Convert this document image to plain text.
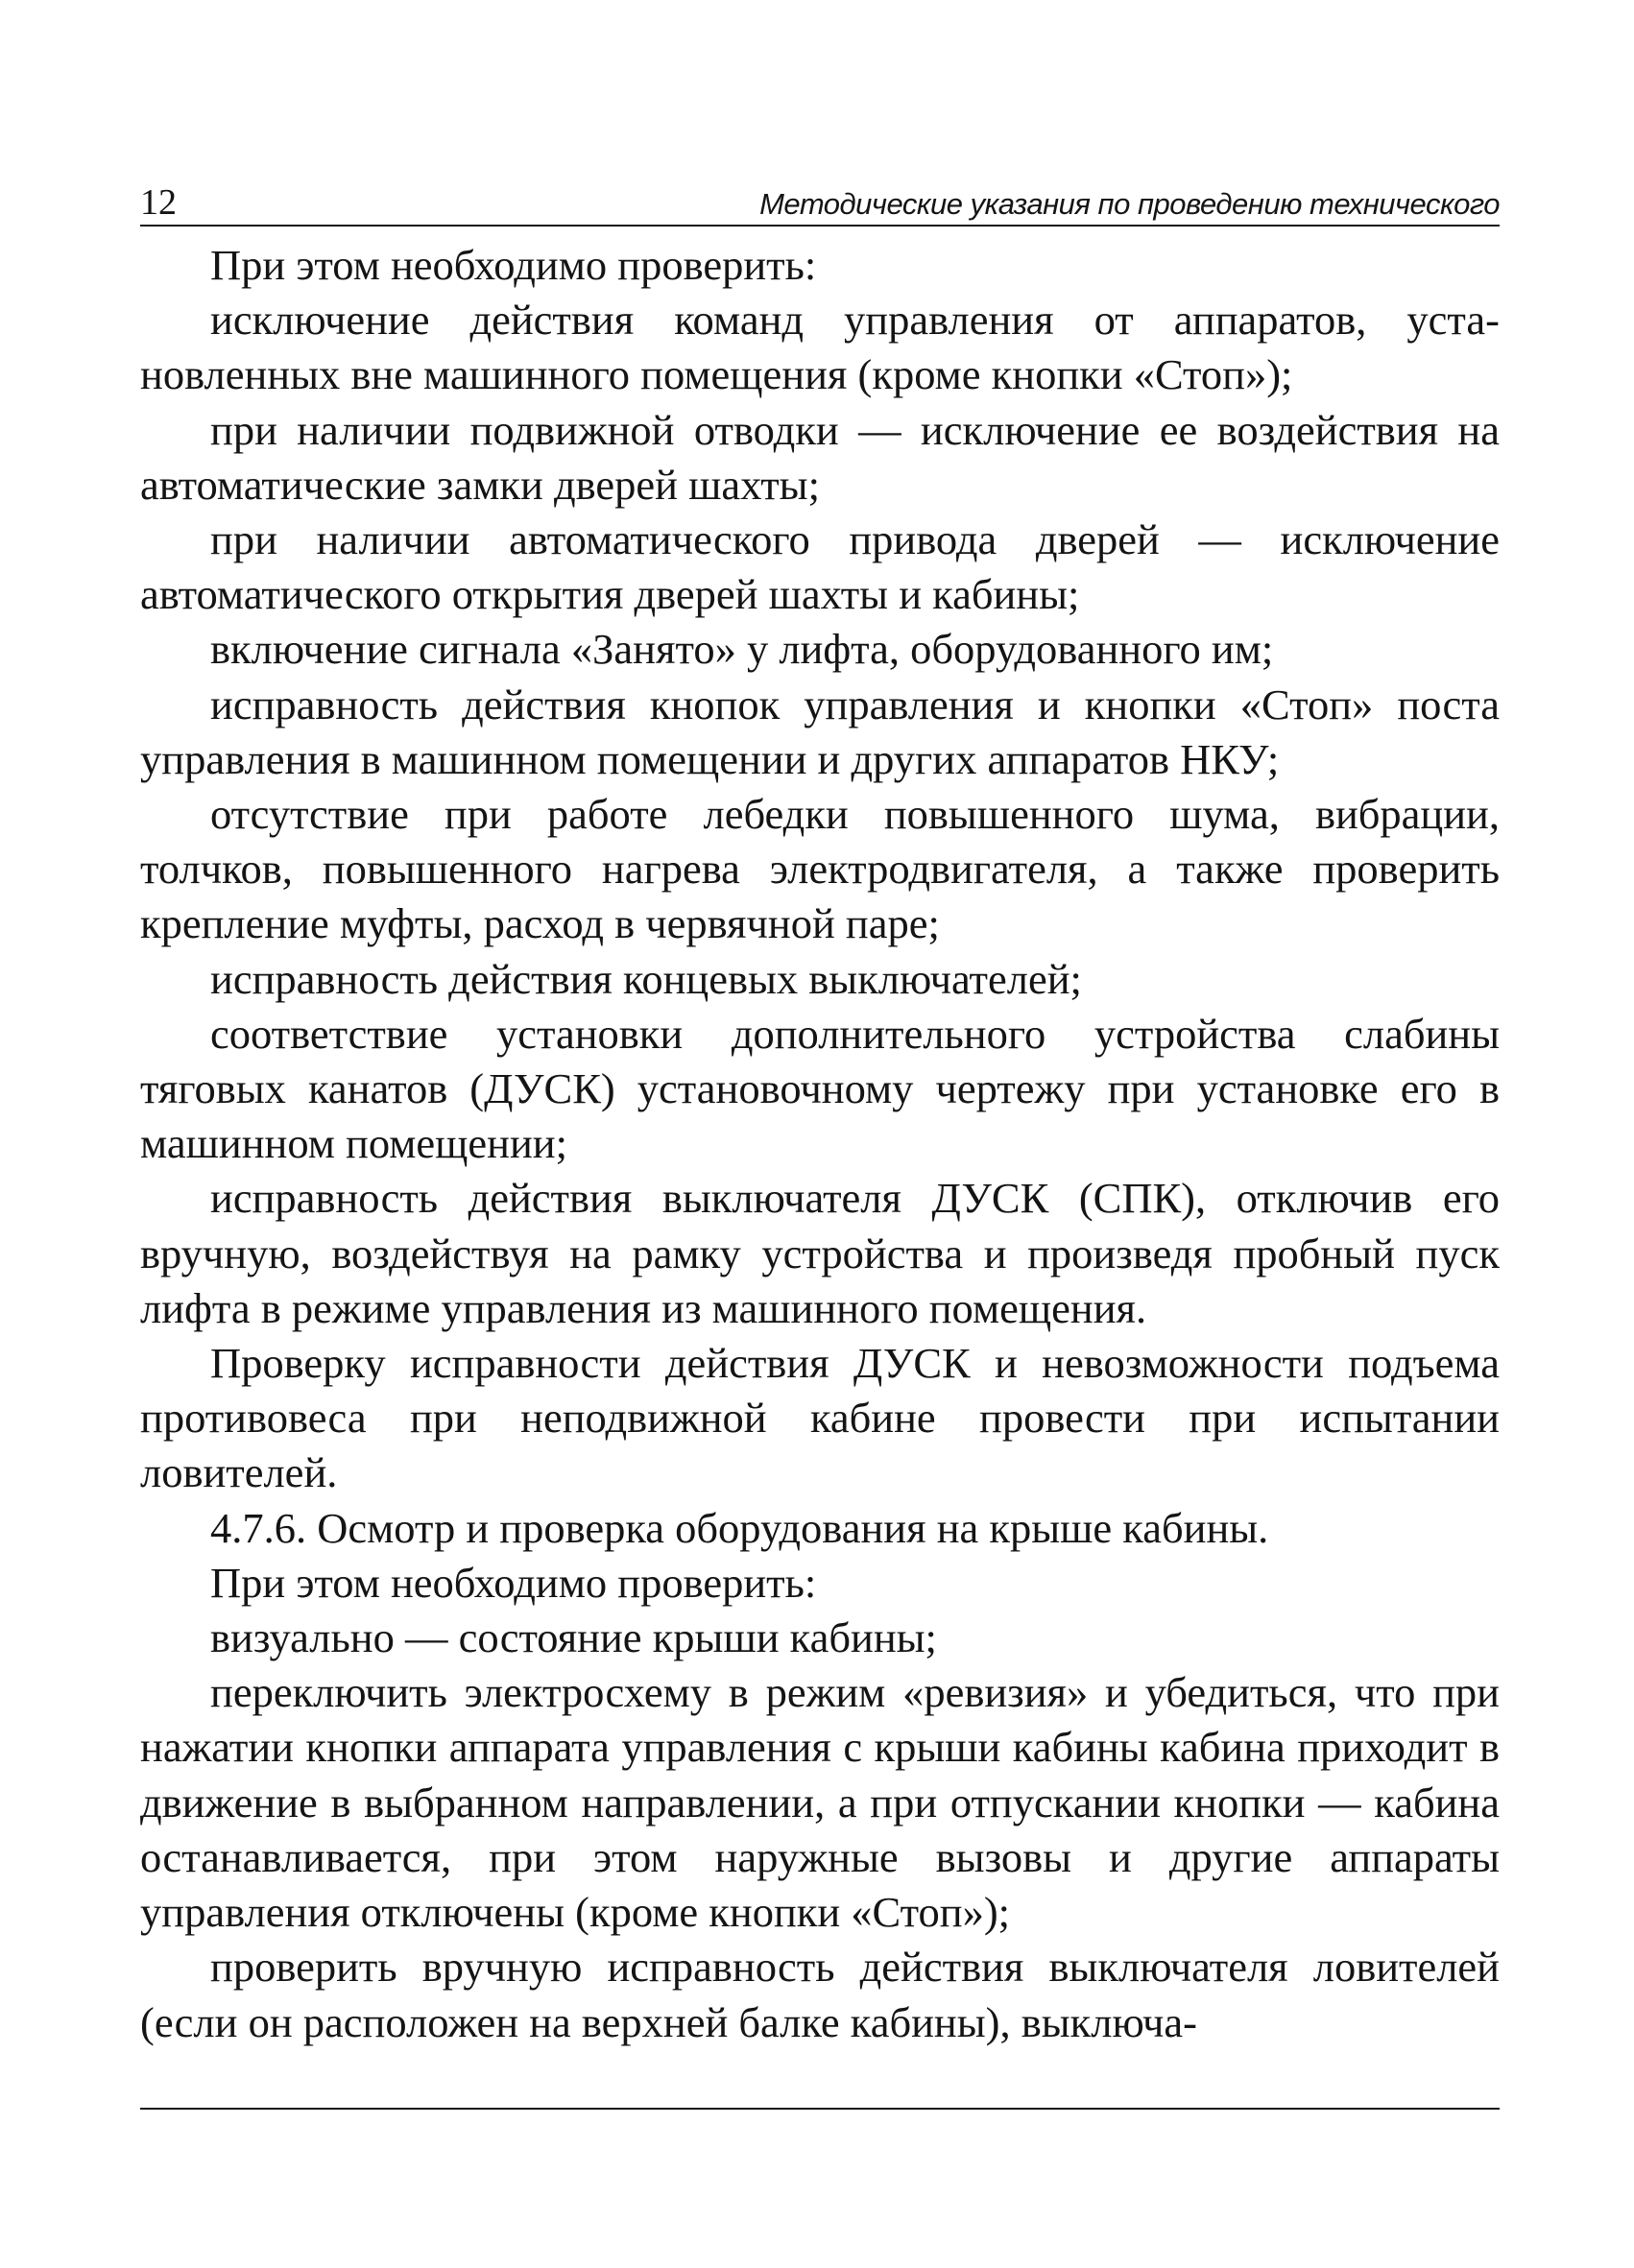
12	Методические указания по проведению технического

При этом необходимо проверить:

исключение действия команд управления от аппаратов, установленных вне машинного помещения (кроме кнопки «Стоп»);

при наличии подвижной отводки — исключение ее воздействия на автоматические замки дверей шахты;

при наличии автоматического привода дверей — исключение автоматического открытия дверей шахты и кабины;

включение сигнала «Занято» у лифта, оборудованного им;

исправность действия кнопок управления и кнопки «Стоп» поста управления в машинном помещении и других аппаратов НКУ;

отсутствие при работе лебедки повышенного шума, вибрации, толчков, повышенного нагрева электродвигателя, а также проверить крепление муфты, расход в червячной паре;

исправность действия концевых выключателей;

соответствие установки дополнительного устройства слабины тяговых канатов (ДУСК) установочному чертежу при установке его в машинном помещении;

исправность действия выключателя ДУСК (СПК), отключив его вручную, воздействуя на рамку устройства и произведя пробный пуск лифта в режиме управления из машинного помещения.

Проверку исправности действия ДУСК и невозможности подъема противовеса при неподвижной кабине провести при испытании ловителей.

4.7.6. Осмотр и проверка оборудования на крыше кабины.

При этом необходимо проверить:

визуально — состояние крыши кабины;

переключить электросхему в режим «ревизия» и убедиться, что при нажатии кнопки аппарата управления с крыши кабины кабина приходит в движение в выбранном направлении, а при отпускании кнопки — кабина останавливается, при этом наружные вызовы и другие аппараты управления отключены (кроме кнопки «Стоп»);

проверить вручную исправность действия выключателя ловителей (если он расположен на верхней балке кабины), выключа-
